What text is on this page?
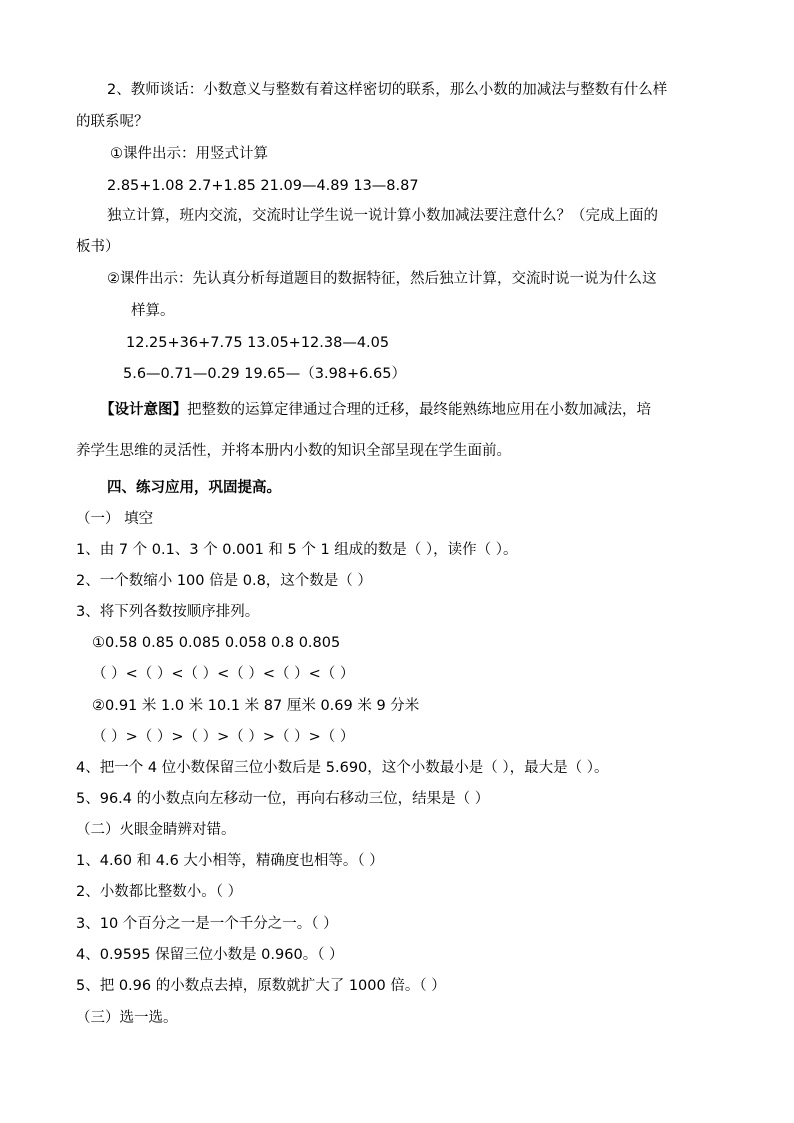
2、教师谈话：小数意义与整数有着这样密切的联系，那么小数的加减法与整数有什么样
的联系呢？
①课件出示：用竖式计算
2.85+1.08 2.7+1.85 21.09—4.89 13—8.87
独立计算，班内交流，交流时让学生说一说计算小数加减法要注意什么？（完成上面的
板书）
②课件出示：先认真分析每道题目的数据特征，然后独立计算，交流时说一说为什么这
样算。
12.25+36+7.75 13.05+12.38—4.05
5.6—0.71—0.29 19.65—（3.98+6.65）
【设计意图】把整数的运算定律通过合理的迁移，最终能熟练地应用在小数加减法，培
养学生思维的灵活性，并将本册内小数的知识全部呈现在学生面前。
四、练习应用，巩固提高。
（一） 填空
1、由 7 个 0.1、3 个 0.001 和 5 个 1 组成的数是（ ），读作（ ）。
2、一个数缩小 100 倍是 0.8，这个数是（ ）
3、将下列各数按顺序排列。
①0.58 0.85 0.085 0.058 0.8 0.805
（ ）<（ ）<（ ）<（ ）<（ ）<（ ）
②0.91 米 1.0 米 10.1 米 87 厘米 0.69 米 9 分米
（ ）>（ ）>（ ）>（ ）>（ ）>（ ）
4、把一个 4 位小数保留三位小数后是 5.690，这个小数最小是（ ），最大是（ ）。
5、96.4 的小数点向左移动一位，再向右移动三位，结果是（ ）
（二）火眼金睛辨对错。
1、4.60 和 4.6 大小相等，精确度也相等。（ ）
2、小数都比整数小。（ ）
3、10 个百分之一是一个千分之一。（ ）
4、0.9595 保留三位小数是 0.960。（ ）
5、把 0.96 的小数点去掉，原数就扩大了 1000 倍。（ ）
（三）选一选。
